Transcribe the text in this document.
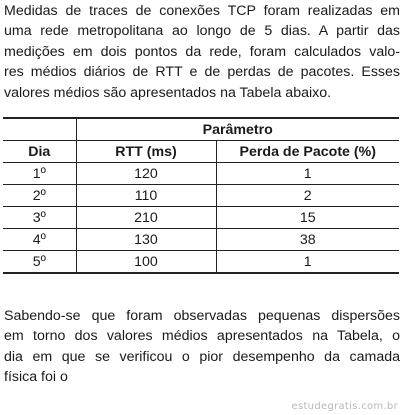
Medidas de traces de conexões TCP foram realizadas em
uma rede metropolitana ao longo de 5 dias. A partir das
medições em dois pontos da rede, foram calculados valo-
res médios diários de RTT e de perdas de pacotes. Esses
valores médios são apresentados na Tabela abaixo.
	Parâmetro	
Dia	RTT (ms)	Perda de Pacote (%)
1º	120	1
2º	110	2
3º	210	15
4º	130	38
5º	100	1
Sabendo-se que foram observadas pequenas dispersões
em torno dos valores médios apresentados na Tabela, o
dia em que se verificou o pior desempenho da camada
física foi o
estudegratis.com.br
